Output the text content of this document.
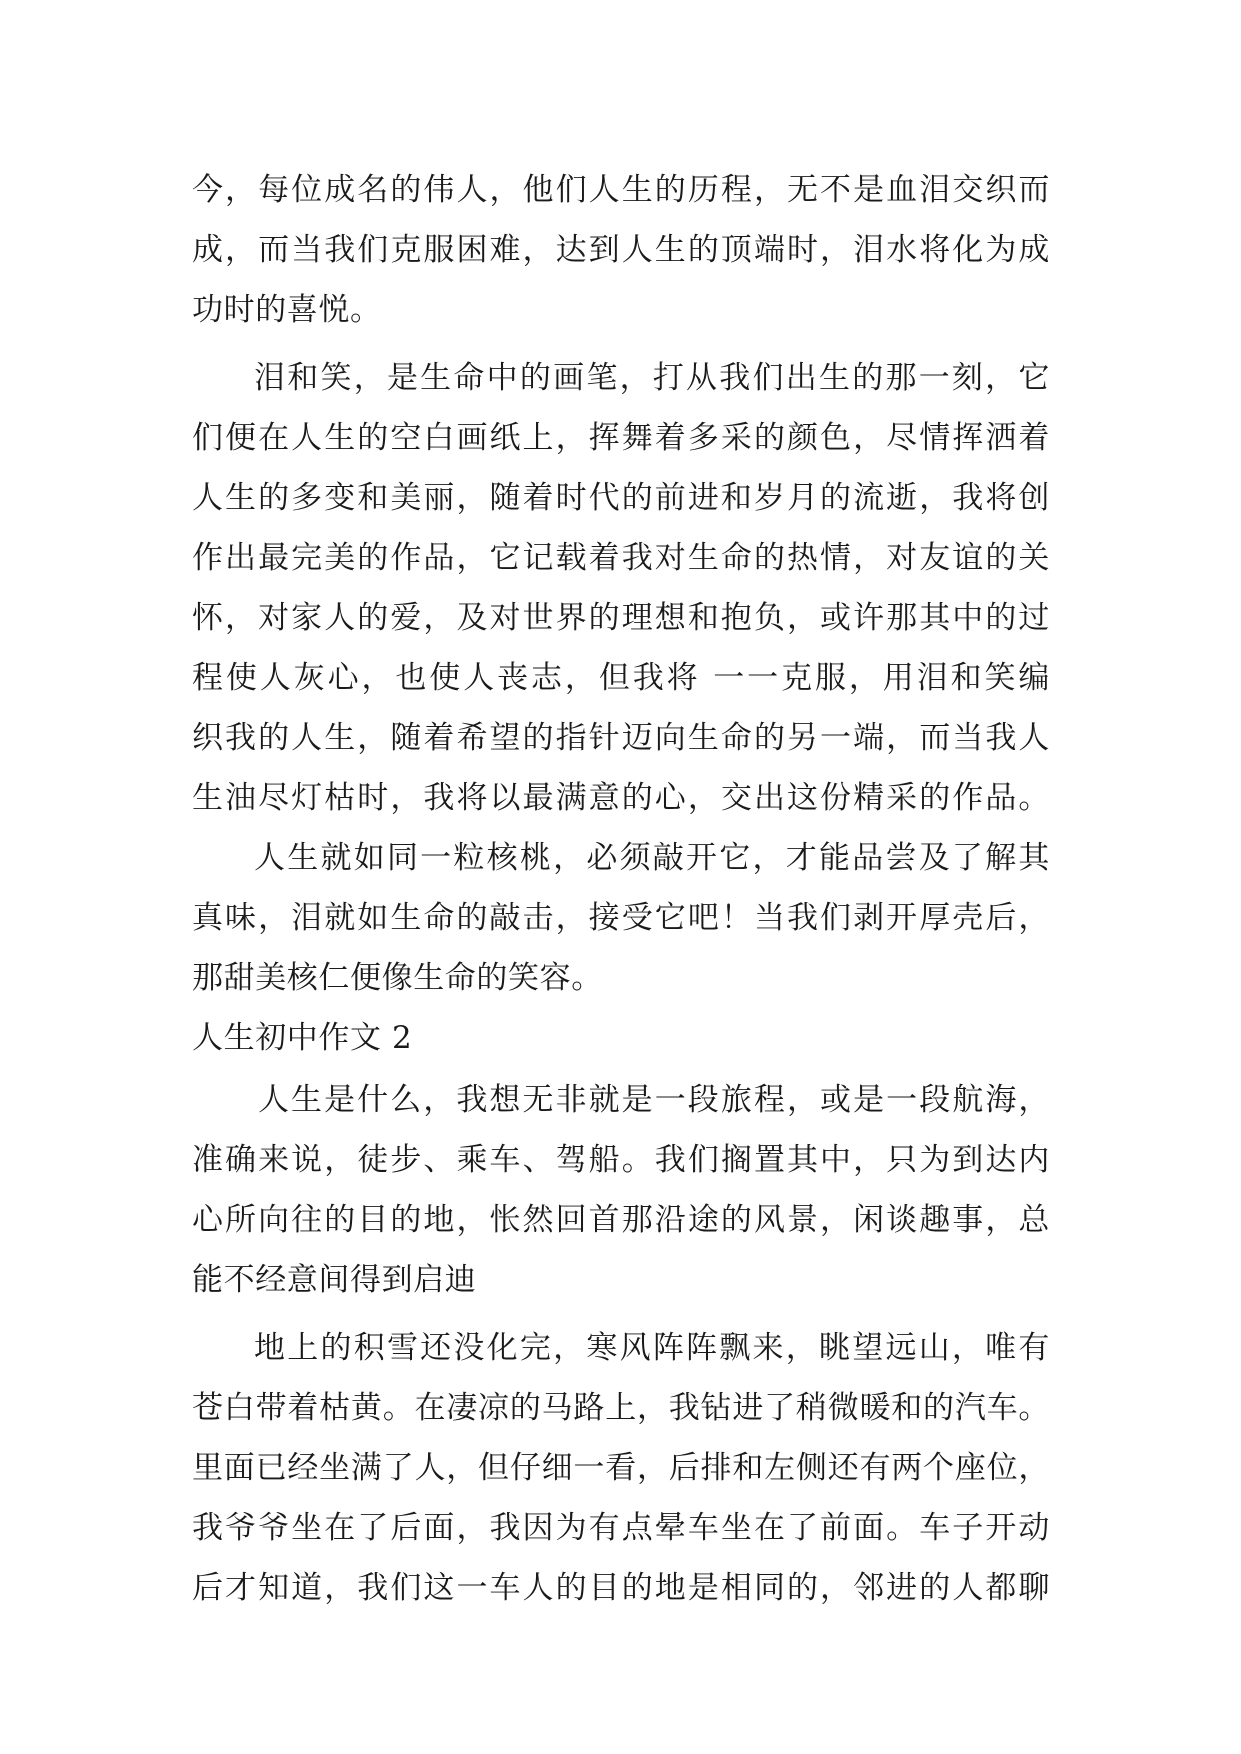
今，每位成名的伟人，他们人生的历程，无不是血泪交织而
成，而当我们克服困难，达到人生的顶端时，泪水将化为成
功时的喜悦。
泪和笑，是生命中的画笔，打从我们出生的那一刻，它
们便在人生的空白画纸上，挥舞着多采的颜色，尽情挥洒着
人生的多变和美丽，随着时代的前进和岁月的流逝，我将创
作出最完美的作品，它记载着我对生命的热情，对友谊的关
怀，对家人的爱，及对世界的理想和抱负，或许那其中的过
程使人灰心，也使人丧志，但我将 一一克服，用泪和笑编
织我的人生，随着希望的指针迈向生命的另一端，而当我人
生油尽灯枯时，我将以最满意的心，交出这份精采的作品。
人生就如同一粒核桃，必须敲开它，才能品尝及了解其
真味，泪就如生命的敲击，接受它吧！当我们剥开厚壳后，
那甜美核仁便像生命的笑容。
人生初中作文 2
人生是什么，我想无非就是一段旅程，或是一段航海，
准确来说，徒步、乘车、驾船。我们搁置其中，只为到达内
心所向往的目的地，怅然回首那沿途的风景，闲谈趣事，总
能不经意间得到启迪
地上的积雪还没化完，寒风阵阵飘来，眺望远山，唯有
苍白带着枯黄。在凄凉的马路上，我钻进了稍微暖和的汽车。
里面已经坐满了人，但仔细一看，后排和左侧还有两个座位，
我爷爷坐在了后面，我因为有点晕车坐在了前面。车子开动
后才知道，我们这一车人的目的地是相同的，邻进的人都聊
